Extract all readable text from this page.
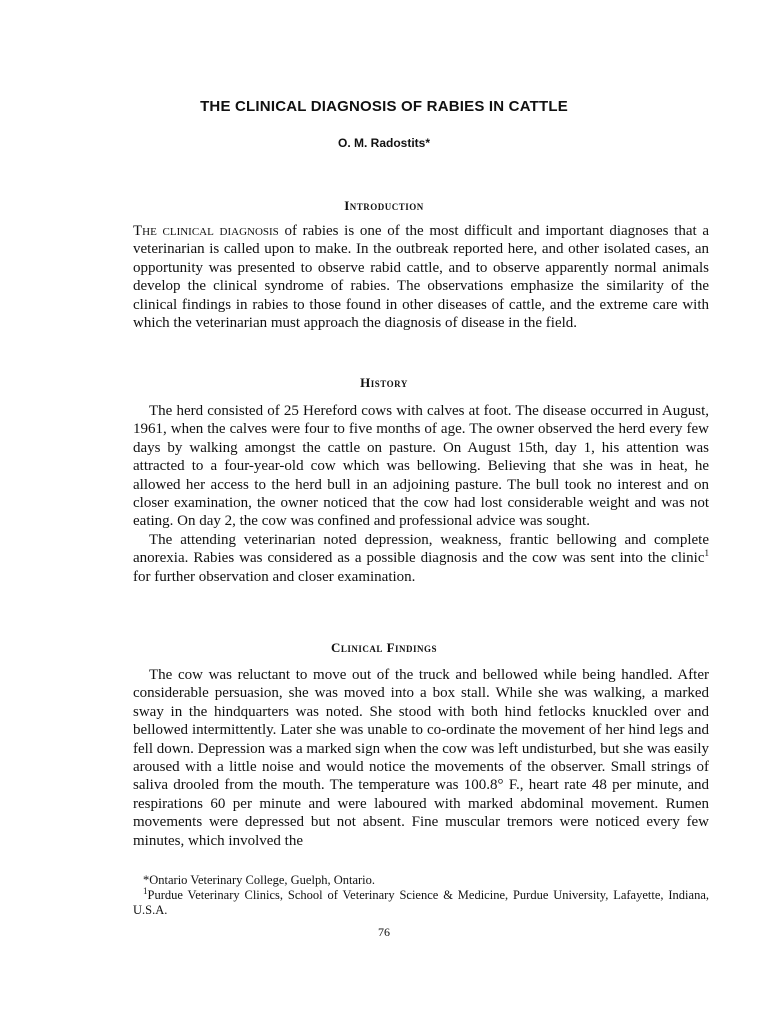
THE CLINICAL DIAGNOSIS OF RABIES IN CATTLE

O. M. Radostits*

Introduction

The clinical diagnosis of rabies is one of the most difficult and important diagnoses that a veterinarian is called upon to make. In the outbreak reported here, and other isolated cases, an opportunity was presented to observe rabid cattle, and to observe apparently normal animals develop the clinical syndrome of rabies. The observations emphasize the similarity of the clinical findings in rabies to those found in other diseases of cattle, and the extreme care with which the veterinarian must approach the diagnosis of disease in the field.

History

The herd consisted of 25 Hereford cows with calves at foot. The disease occurred in August, 1961, when the calves were four to five months of age. The owner observed the herd every few days by walking amongst the cattle on pasture. On August 15th, day 1, his attention was attracted to a four-year-old cow which was bellowing. Believing that she was in heat, he allowed her access to the herd bull in an adjoining pasture. The bull took no interest and on closer examination, the owner noticed that the cow had lost considerable weight and was not eating. On day 2, the cow was confined and professional advice was sought.

The attending veterinarian noted depression, weakness, frantic bellowing and complete anorexia. Rabies was considered as a possible diagnosis and the cow was sent into the clinic$^1$ for further observation and closer examination.

Clinical Findings

The cow was reluctant to move out of the truck and bellowed while being handled. After considerable persuasion, she was moved into a box stall. While she was walking, a marked sway in the hindquarters was noted. She stood with both hind fetlocks knuckled over and bellowed intermittently. Later she was unable to co-ordinate the movement of her hind legs and fell down. Depression was a marked sign when the cow was left undisturbed, but she was easily aroused with a little noise and would notice the movements of the observer. Small strings of saliva drooled from the mouth. The temperature was 100.8° F., heart rate 48 per minute, and respirations 60 per minute and were laboured with marked abdominal movement. Rumen movements were depressed but not absent. Fine muscular tremors were noticed every few minutes, which involved the

*Ontario Veterinary College, Guelph, Ontario.

$^1$Purdue Veterinary Clinics, School of Veterinary Science & Medicine, Purdue University, Lafayette, Indiana, U.S.A.

76
